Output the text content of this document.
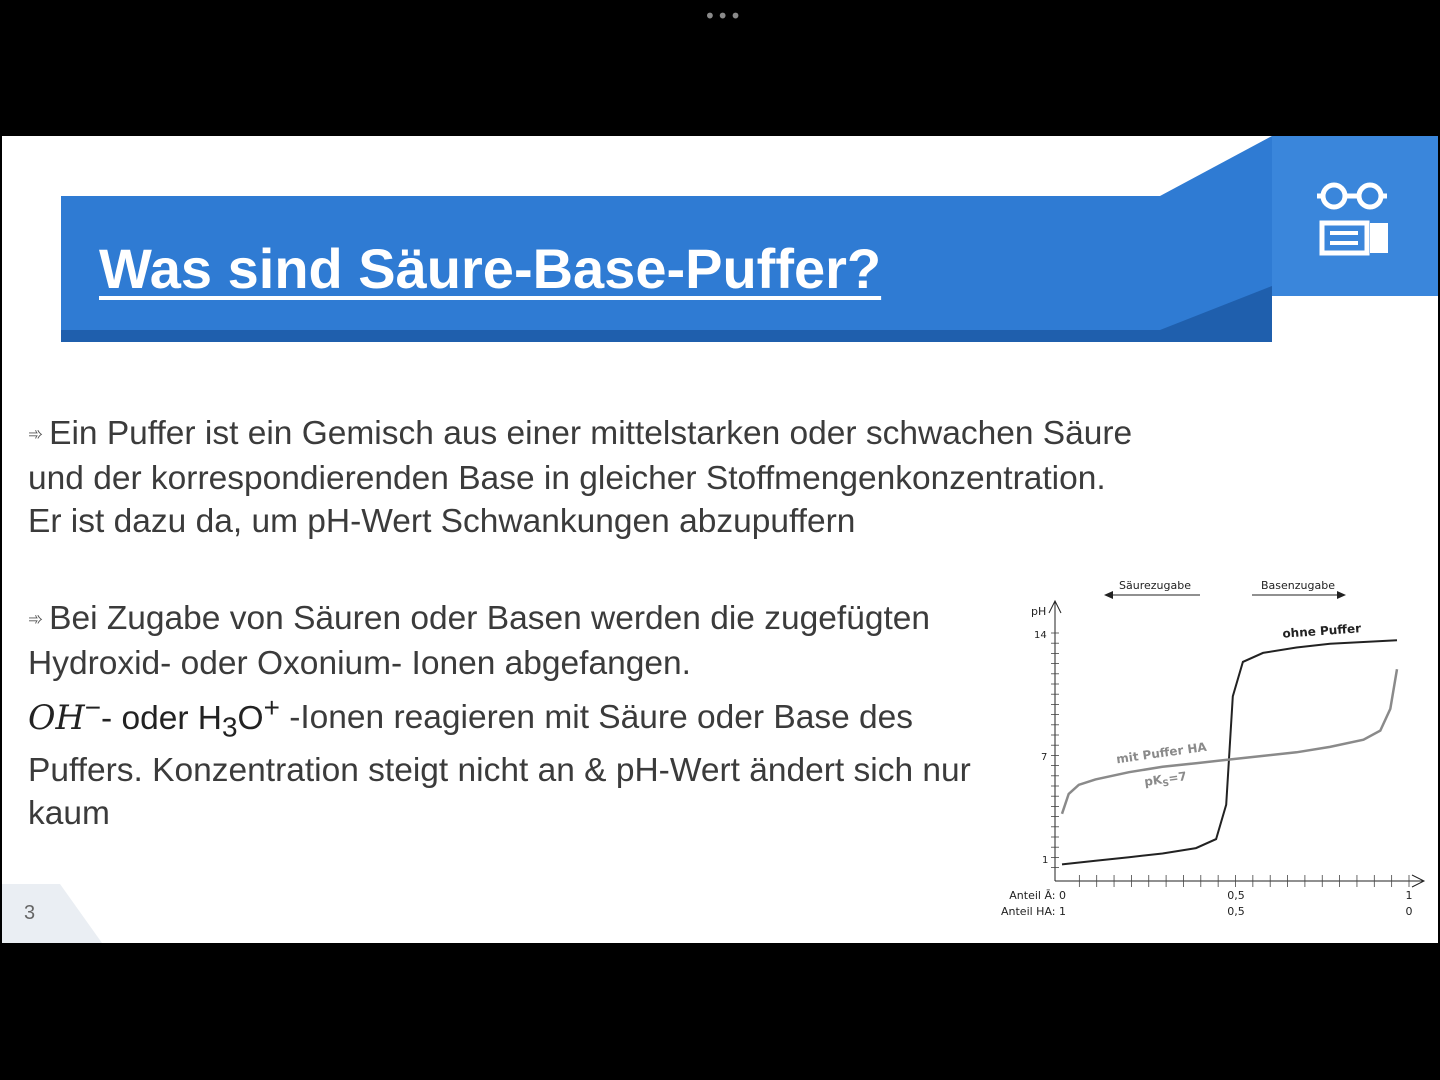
•••
Was sind Säure-Base-Puffer?

➾ Ein Puffer ist ein Gemisch aus einer mittelstarken oder schwachen Säure und der korrespondierenden Base in gleicher Stoffmengenkonzentration. Er ist dazu da, um pH-Wert Schwankungen abzupuffern

➾ Bei Zugabe von Säuren oder Basen werden die zugefügten Hydroxid- oder Oxonium- Ionen abgefangen.
OH−- oder $H_3O^+$ -Ionen reagieren mit Säure oder Base des Puffers. Konzentration steigt nicht an & pH-Wert ändert sich nur kaum

pH
14
7
1
Anteil Ā: 0
Anteil HA: 1
0,5
0,5
1
0
Säurezugabe	Basenzugabe
ohne Puffer
mit Puffer HA
$pK_S=7$
3
